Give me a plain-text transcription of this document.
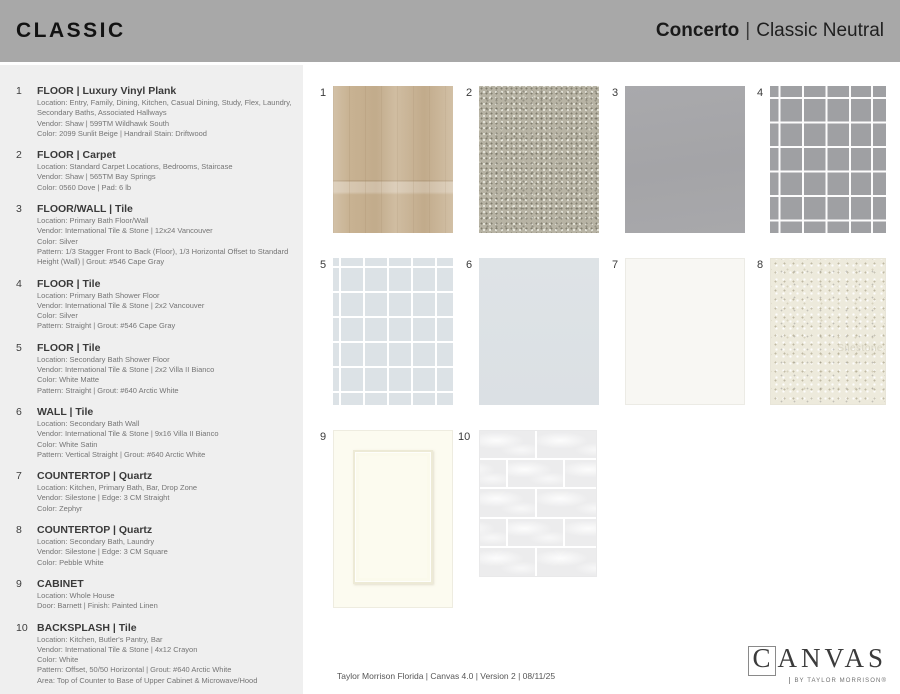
CLASSIC	Concerto | Classic Neutral
1	FLOOR | Luxury Vinyl Plank
Location: Entry, Family, Dining, Kitchen, Casual Dining, Study, Flex, Laundry, Secondary Baths, Associated Hallways
Vendor: Shaw | 599TM Wildhawk South
Color: 2099 Sunlit Beige | Handrail Stain: Driftwood
2	FLOOR | Carpet
Location: Standard Carpet Locations, Bedrooms, Staircase
Vendor: Shaw | 565TM Bay Springs
Color: 0560 Dove | Pad: 6 lb
3	FLOOR/WALL | Tile
Location: Primary Bath Floor/Wall
Vendor: International Tile & Stone | 12x24 Vancouver
Color: Silver
Pattern: 1/3 Stagger Front to Back (Floor), 1/3 Horizontal Offset to Standard Height (Wall) | Grout: #546 Cape Gray
4	FLOOR | Tile
Location: Primary Bath Shower Floor
Vendor: International Tile & Stone | 2x2 Vancouver
Color: Silver
Pattern: Straight | Grout: #546 Cape Gray
5	FLOOR | Tile
Location: Secondary Bath Shower Floor
Vendor: International Tile & Stone | 2x2 Villa II Bianco
Color: White Matte
Pattern: Straight | Grout: #640 Arctic White
6	WALL | Tile
Location: Secondary Bath Wall
Vendor: International Tile & Stone | 9x16 Villa II Bianco
Color: White Satin
Pattern: Vertical Straight | Grout: #640 Arctic White
7	COUNTERTOP | Quartz
Location: Kitchen, Primary Bath, Bar, Drop Zone
Vendor: Silestone | Edge: 3 CM Straight
Color: Zephyr
8	COUNTERTOP | Quartz
Location: Secondary Bath, Laundry
Vendor: Silestone | Edge: 3 CM Square
Color: Pebble White
9	CABINET
Location: Whole House
Door: Barnett | Finish: Painted Linen
10 BACKSPLASH | Tile
Location: Kitchen, Butler's Pantry, Bar
Vendor: International Tile & Stone | 4x12 Crayon
Color: White
Pattern: Offset, 50/50 Horizontal | Grout: #640 Arctic White
Area: Top of Counter to Base of Upper Cabinet & Microwave/Hood
1	2	3	4
5	6	7	8
Silestone
9	10
Taylor Morrison Florida | Canvas 4.0 | Version 2 | 08/11/25
C ANVAS
BY TAYLOR MORRISON®
